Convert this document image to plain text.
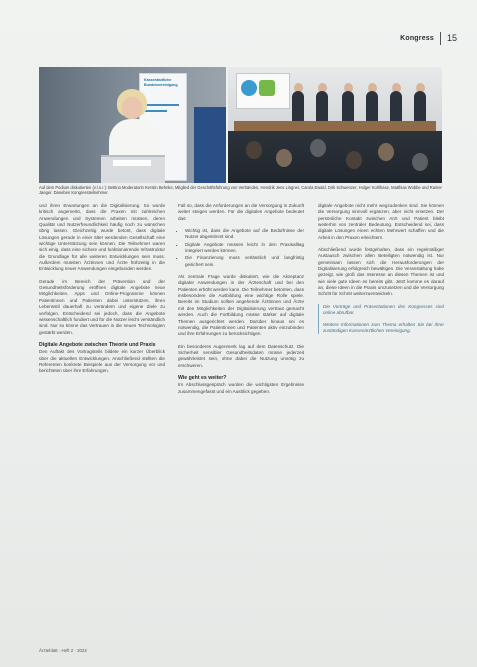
Kongress 15
Kassenärztliche Bundesvereinigung
Auf dem Podium diskutierten (v.l.n.r.): Bettina Moderatorin Kerstin Behnke, Mitglied der Geschäftsführung von Verbänden, Hendrik Jens Lingner, Carola Ewald, Dirk Schwenzer, Holger Kohlhase, Matthias Wobbe und Rainer Jaeger. Daneben Kongressteilnehmer.

und ihren Erwartungen an die Digitalisierung. So wurde kritisch angemerkt, dass die Praxen mit zahlreichen Anwendungen und Systemen arbeiten müssen, deren Qualität und Nutzerfreundlichkeit häufig noch zu wünschen übrig lassen. Gleichzeitig wurde betont, dass digitale Lösungen gerade in einer älter werdenden Gesellschaft eine wichtige Unterstützung sein können. Die Teilnehmer waren sich einig, dass eine sichere und funktionierende Infrastruktur die Grundlage für alle weiteren Entwicklungen sein muss. Außerdem müssten Ärztinnen und Ärzte frühzeitig in die Entwicklung neuer Anwendungen eingebunden werden.

Gerade im Bereich der Prävention und der Gesundheitsförderung eröffnen digitale Angebote neue Möglichkeiten. Apps und Online-Programme können Patientinnen und Patienten dabei unterstützen, ihren Lebensstil dauerhaft zu verändern und eigene Ziele zu verfolgen. Entscheidend sei jedoch, dass die Angebote wissenschaftlich fundiert und für die Nutzer leicht verständlich sind. Nur so könne das Vertrauen in die neuen Technologien gestärkt werden.

Digitale Angebote zwischen Theorie und Praxis

Den Auftakt des Vortragsteils bildete ein kurzer Überblick über die aktuellen Entwicklungen. Anschließend stellten die Referenten konkrete Beispiele aus der Versorgung vor und berichteten über ihre Erfahrungen.

Fall so, dass die Anforderungen an die Versorgung in Zukunft weiter steigen werden. Für die digitalen Angebote bedeutet das:

• Wichtig ist, dass die Angebote auf die Bedürfnisse der Nutzer abgestimmt sind.
• Digitale Angebote müssen leicht in den Praxisalltag integriert werden können.
• Die Finanzierung muss verlässlich und langfristig gesichert sein.

Als zentrale Frage wurde diskutiert, wie die Akzeptanz digitaler Anwendungen in der Ärzteschaft und bei den Patienten erhöht werden kann. Die Teilnehmer betonten, dass insbesondere die Ausbildung eine wichtige Rolle spiele. Bereits im Studium sollten angehende Ärztinnen und Ärzte mit den Möglichkeiten der Digitalisierung vertraut gemacht werden. Auch die Fortbildung müsse stärker auf digitale Themen ausgerichtet werden. Darüber hinaus sei es notwendig, die Patientinnen und Patienten aktiv einzubinden und ihre Erfahrungen zu berücksichtigen.

Ein besonderes Augenmerk lag auf dem Datenschutz. Die Sicherheit sensibler Gesundheitsdaten müsse jederzeit gewährleistet sein, ohne dabei die Nutzung unnötig zu erschweren.

Wie geht es weiter?

Im Abschlussgespräch wurden die wichtigsten Ergebnisse zusammengefasst und ein Ausblick gegeben.

digitale Angebote nicht mehr wegzudenken sind. Sie können die Versorgung sinnvoll ergänzen, aber nicht ersetzen. Der persönliche Kontakt zwischen Arzt und Patient bleibt weiterhin von zentraler Bedeutung. Entscheidend sei, dass digitale Lösungen einen echten Mehrwert schaffen und die Arbeit in den Praxen erleichtern.

Abschließend wurde festgehalten, dass ein regelmäßiger Austausch zwischen allen Beteiligten notwendig ist. Nur gemeinsam lassen sich die Herausforderungen der Digitalisierung erfolgreich bewältigen. Die Veranstaltung habe gezeigt, wie groß das Interesse an diesen Themen ist und wie viele gute Ideen es bereits gibt. Jetzt komme es darauf an, diese Ideen in die Praxis umzusetzen und die Versorgung Schritt für Schritt weiterzuentwickeln.

Die Vorträge und Präsentationen des Kongresses sind online abrufbar.

Weitere Informationen zum Thema erhalten Sie bei Ihrer zuständigen Kassenärztlichen Vereinigung.

Ärzteblatt · Heft 2 · 2022
